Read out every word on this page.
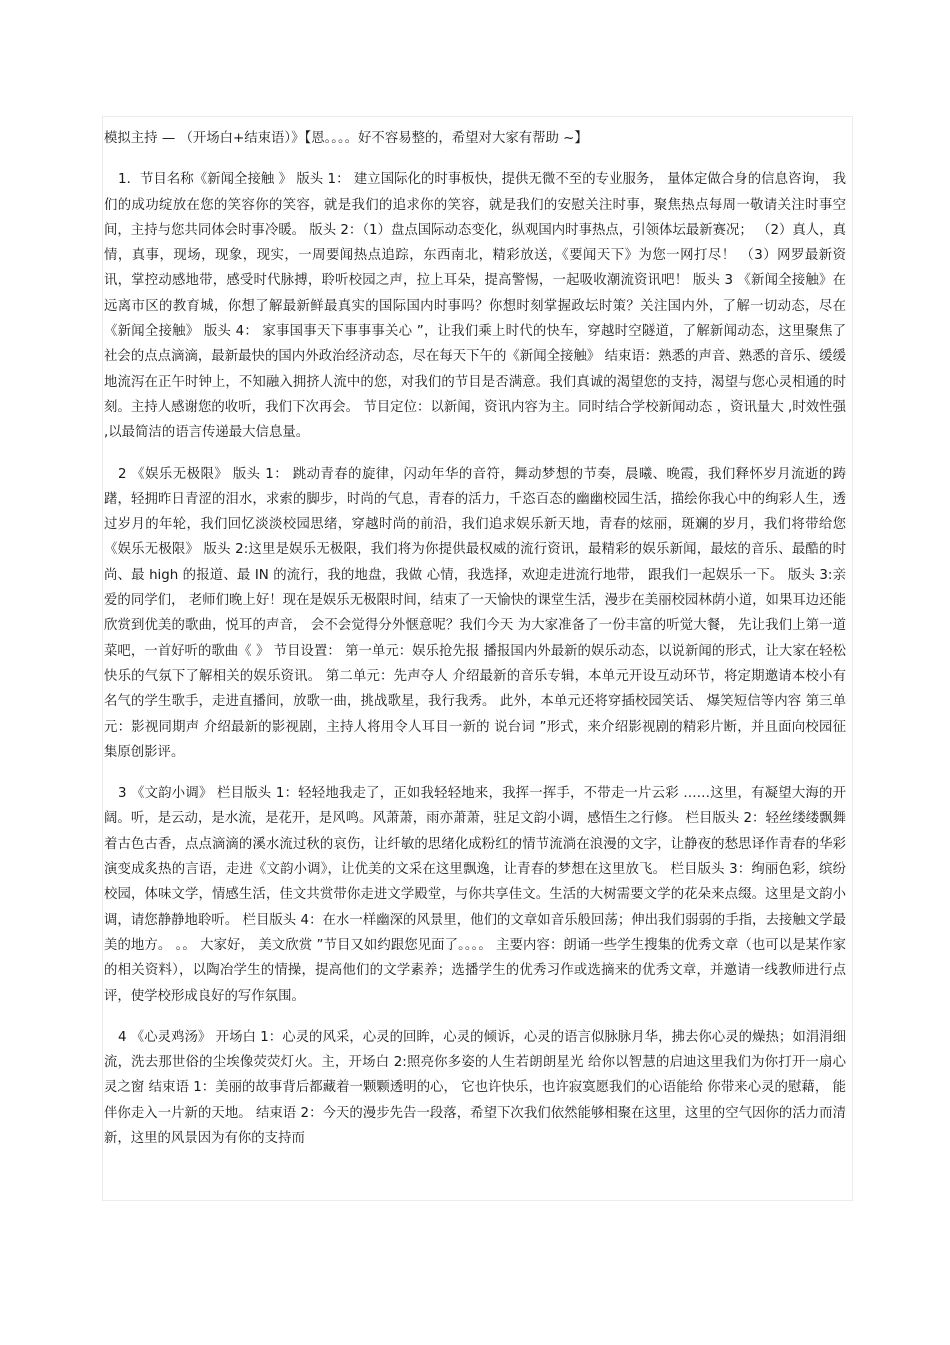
模拟主持 — （开场白+结束语）》【恩。。。。好不容易整的，希望对大家有帮助 ~】

1．节目名称《新闻全接触 》 版头 1： 建立国际化的时事板快，提供无微不至的专业服务， 量体定做合身的信息咨询， 我们的成功绽放在您的笑容你的笑容，就是我们的追求你的笑容，就是我们的安慰关注时事，聚焦热点每周一敬请关注时事空间，主持与您共同体会时事冷暖。 版头 2：（1）盘点国际动态变化，纵观国内时事热点，引领体坛最新赛况； （2）真人，真情，真事，现场，现象，现实，一周要闻热点追踪，东西南北，精彩放送，《要闻天下》为您一网打尽！ （3）网罗最新资讯，掌控动感地带，感受时代脉搏，聆听校园之声，拉上耳朵，提高警惕，一起吸收潮流资讯吧！ 版头 3 《新闻全接触》在远离市区的教育城，你想了解最新鲜最真实的国际国内时事吗？你想时刻掌握政坛时策？关注国内外，了解一切动态，尽在《新闻全接触》 版头 4： 家事国事天下事事事关心 ”，让我们乘上时代的快车，穿越时空隧道，了解新闻动态，这里聚焦了社会的点点滴滴，最新最快的国内外政治经济动态，尽在每天下午的《新闻全接触》 结束语：熟悉的声音、熟悉的音乐、缓缓地流泻在正午时钟上，不知融入拥挤人流中的您，对我们的节目是否满意。我们真诚的渴望您的支持，渴望与您心灵相通的时刻。主持人感谢您的收听，我们下次再会。 节目定位：以新闻，资讯内容为主。同时结合学校新闻动态 ，资讯量大 ,时效性强 ,以最简洁的语言传递最大信息量。

2 《娱乐无极限》 版头 1： 跳动青春的旋律，闪动年华的音符，舞动梦想的节奏，晨曦、晚霞，我们释怀岁月流逝的踌躇，轻拥昨日青涩的泪水，求索的脚步，时尚的气息，青春的活力，千恣百态的幽幽校园生活，描绘你我心中的绚彩人生，透过岁月的年轮，我们回忆淡淡校园思绪，穿越时尚的前沿，我们追求娱乐新天地，青春的炫丽，斑斓的岁月，我们将带给您《娱乐无极限》 版头 2:这里是娱乐无极限，我们将为你提供最权威的流行资讯，最精彩的娱乐新闻，最炫的音乐、最酷的时尚、最 high 的报道、最 IN 的流行，我的地盘，我做 心情，我选择，欢迎走进流行地带， 跟我们一起娱乐一下。 版头 3:亲爱的同学们， 老师们晚上好！现在是娱乐无极限时间，结束了一天愉快的课堂生活，漫步在美丽校园林荫小道，如果耳边还能欣赏到优美的歌曲，悦耳的声音， 会不会觉得分外惬意呢？我们今天 为大家准备了一份丰富的听觉大餐， 先让我们上第一道菜吧，一首好听的歌曲《 》 节目设置： 第一单元：娱乐抢先报 播报国内外最新的娱乐动态，以说新闻的形式，让大家在轻松快乐的气氛下了解相关的娱乐资讯。 第二单元：先声夺人 介绍最新的音乐专辑，本单元开设互动环节，将定期邀请本校小有名气的学生歌手，走进直播间，放歌一曲，挑战歌星，我行我秀。 此外，本单元还将穿插校园笑话、 爆笑短信等内容 第三单元：影视同期声 介绍最新的影视剧，主持人将用令人耳目一新的 说台词 ”形式，来介绍影视剧的精彩片断，并且面向校园征集原创影评。

3 《文韵小调》 栏目版头 1：轻轻地我走了，正如我轻轻地来，我挥一挥手，不带走一片云彩 ……这里，有凝望大海的开阔。听，是云动，是水流，是花开，是风鸣。风萧萧，雨亦萧萧，驻足文韵小调，感悟生之行修。 栏目版头 2：轻丝缕缕飘舞着古色古香，点点滴滴的溪水流过秋的哀伤，让纤敏的思绪化成粉红的情节流淌在浪漫的文字，让静夜的愁思译作青春的华彩演变成炙热的言语，走进《文韵小调》，让优美的文采在这里飘逸，让青春的梦想在这里放飞。 栏目版头 3：绚丽色彩，缤纷校园，体味文学，情感生活，佳文共赏带你走进文学殿堂，与你共享佳文。生活的大树需要文学的花朵来点缀。这里是文韵小调，请您静静地聆听。 栏目版头 4：在水一样幽深的风景里，他们的文章如音乐般回荡；伸出我们弱弱的手指，去接触文学最美的地方。 。。 大家好， 美文欣赏 ”节目又如约跟您见面了。。。。 主要内容：朗诵一些学生搜集的优秀文章（也可以是某作家的相关资料），以陶冶学生的情操，提高他们的文学素养；选播学生的优秀习作或选摘来的优秀文章，并邀请一线教师进行点评，使学校形成良好的写作氛围。

4 《心灵鸡汤》 开场白 1：心灵的风采，心灵的回眸，心灵的倾诉，心灵的语言似脉脉月华，拂去你心灵的燥热；如涓涓细流，洗去那世俗的尘埃像荧荧灯火。主，开场白 2:照亮你多姿的人生若朗朗星光 给你以智慧的启迪这里我们为你打开一扇心灵之窗 结束语 1：美丽的故事背后都藏着一颗颗透明的心， 它也许快乐，也许寂寞愿我们的心语能给 你带来心灵的慰藉， 能伴你走入一片新的天地。 结束语 2：今天的漫步先告一段落，希望下次我们依然能够相聚在这里，这里的空气因你的活力而清新，这里的风景因为有你的支持而
